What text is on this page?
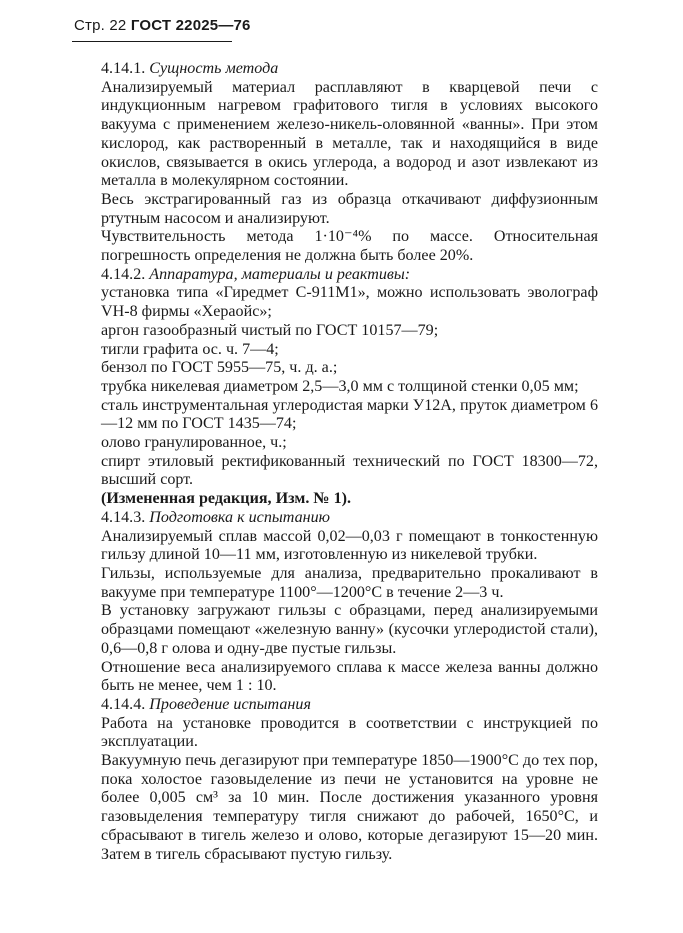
Стр. 22 ГОСТ 22025—76

4.14.1. Сущность метода

Анализируемый материал расплавляют в кварцевой печи с индукционным нагревом графитового тигля в условиях высокого вакуума с применением железо-никель-оловянной «ванны». При этом кислород, как растворенный в металле, так и находящийся в виде окислов, связывается в окись углерода, а водород и азот извлекают из металла в молекулярном состоянии.

Весь экстрагированный газ из образца откачивают диффузионным ртутным насосом и анализируют.

Чувствительность метода 1·10⁻⁴% по массе. Относительная погрешность определения не должна быть более 20%.

4.14.2. Аппаратура, материалы и реактивы:

установка типа «Гиредмет С-911М1», можно использовать эволограф VH-8 фирмы «Хераойс»;

аргон газообразный чистый по ГОСТ 10157—79;

тигли графита ос. ч. 7—4;

бензол по ГОСТ 5955—75, ч. д. а.;

трубка никелевая диаметром 2,5—3,0 мм с толщиной стенки 0,05 мм;

сталь инструментальная углеродистая марки У12А, пруток диаметром 6—12 мм по ГОСТ 1435—74;

олово гранулированное, ч.;

спирт этиловый ректификованный технический по ГОСТ 18300—72, высший сорт.

(Измененная редакция, Изм. № 1).

4.14.3. Подготовка к испытанию

Анализируемый сплав массой 0,02—0,03 г помещают в тонкостенную гильзу длиной 10—11 мм, изготовленную из никелевой трубки.

Гильзы, используемые для анализа, предварительно прокаливают в вакууме при температуре 1100°—1200°С в течение 2—3 ч.

В установку загружают гильзы с образцами, перед анализируемыми образцами помещают «железную ванну» (кусочки углеродистой стали), 0,6—0,8 г олова и одну-две пустые гильзы.

Отношение веса анализируемого сплава к массе железа ванны должно быть не менее, чем 1 : 10.

4.14.4. Проведение испытания

Работа на установке проводится в соответствии с инструкцией по эксплуатации.

Вакуумную печь дегазируют при температуре 1850—1900°С до тех пор, пока холостое газовыделение из печи не установится на уровне не более 0,005 см³ за 10 мин. После достижения указанного уровня газовыделения температуру тигля снижают до рабочей, 1650°С, и сбрасывают в тигель железо и олово, которые дегазируют 15—20 мин. Затем в тигель сбрасывают пустую гильзу.
